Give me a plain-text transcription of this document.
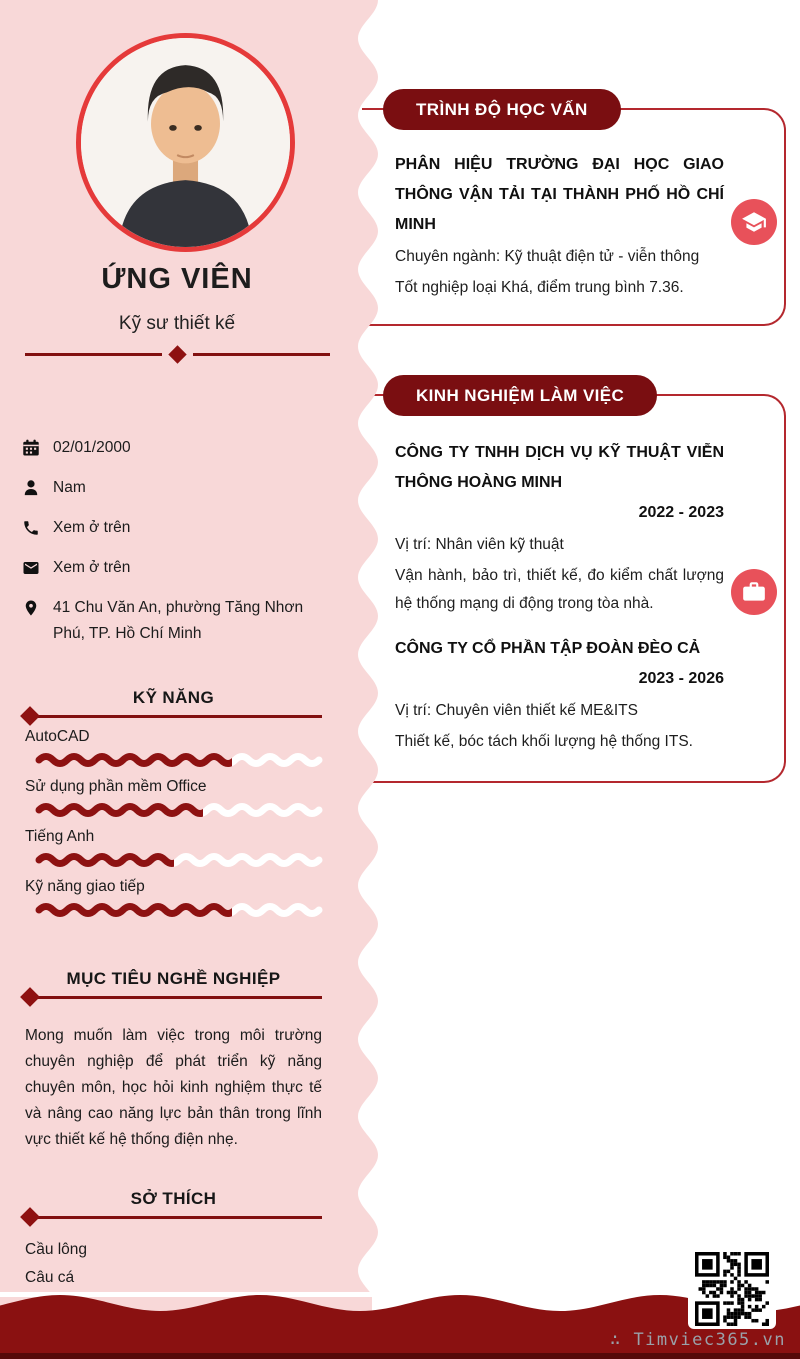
ỨNG VIÊN
Kỹ sư thiết kế
02/01/2000
Nam
Xem ở trên
Xem ở trên
41 Chu Văn An, phường Tăng Nhơn Phú, TP. Hồ Chí Minh
KỸ NĂNG
AutoCAD
Sử dụng phần mềm Office
Tiếng Anh
Kỹ năng giao tiếp
MỤC TIÊU NGHỀ NGHIỆP

Mong muốn làm việc trong môi trường chuyên nghiệp để phát triển kỹ năng chuyên môn, học hỏi kinh nghiệm thực tế và nâng cao năng lực bản thân trong lĩnh vực thiết kế hệ thống điện nhẹ.

SỞ THÍCH
Cầu lông
Câu cá
TRÌNH ĐỘ HỌC VẤN

PHÂN HIỆU TRƯỜNG ĐẠI HỌC GIAO THÔNG VẬN TẢI TẠI THÀNH PHỐ HỒ CHÍ MINH

Chuyên ngành: Kỹ thuật điện tử - viễn thông

Tốt nghiệp loại Khá, điểm trung bình 7.36.

KINH NGHIỆM LÀM VIỆC

CÔNG TY TNHH DỊCH VỤ KỸ THUẬT VIỄN THÔNG HOÀNG MINH

2022 - 2023

Vị trí: Nhân viên kỹ thuật

Vận hành, bảo trì, thiết kế, đo kiểm chất lượng hệ thống mạng di động trong tòa nhà.

CÔNG TY CỔ PHẦN TẬP ĐOÀN ĐÈO CẢ

2023 - 2026

Vị trí: Chuyên viên thiết kế ME&ITS

Thiết kế, bóc tách khối lượng hệ thống ITS.

∴ Timviec365.vn
